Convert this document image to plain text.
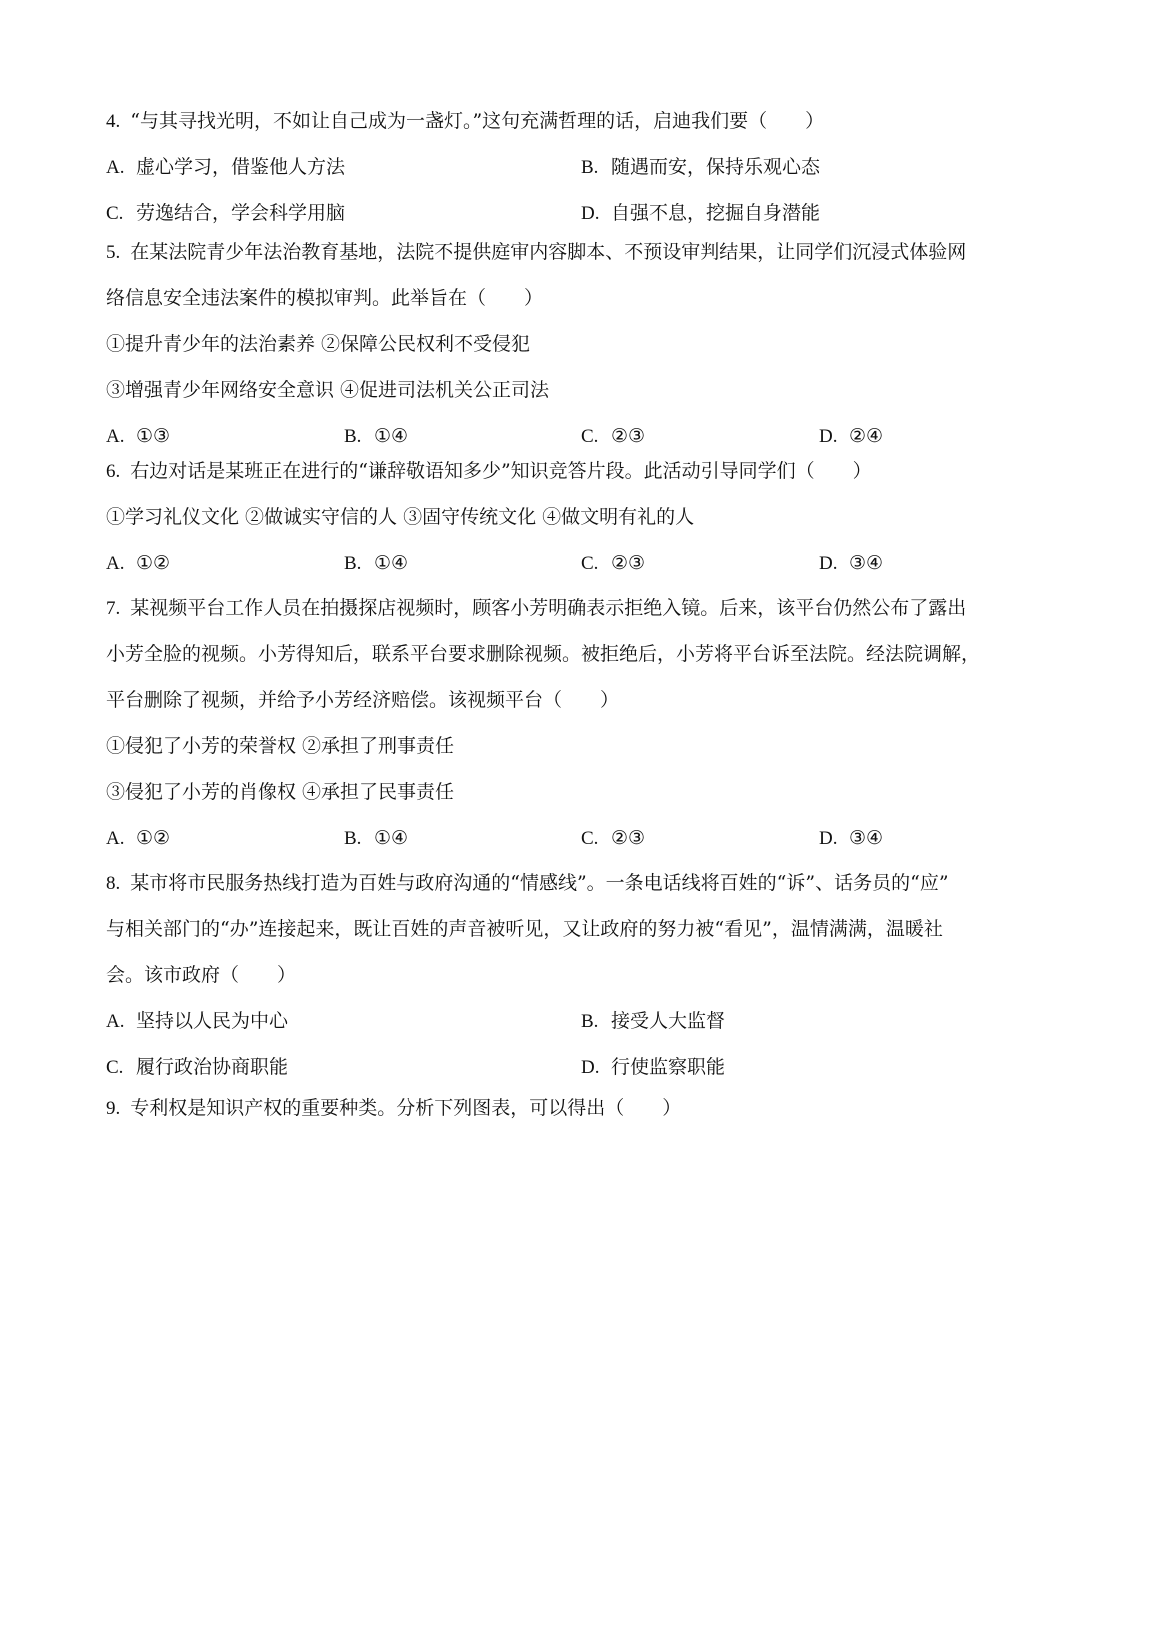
4. “与其寻找光明，不如让自己成为一盏灯。”这句充满哲理的话，启迪我们要（　　）
A. 虚心学习，借鉴他人方法	B. 随遇而安，保持乐观心态
C. 劳逸结合，学会科学用脑	D. 自强不息，挖掘自身潜能
5. 在某法院青少年法治教育基地，法院不提供庭审内容脚本、不预设审判结果，让同学们沉浸式体验网
络信息安全违法案件的模拟审判。此举旨在（　　）
①提升青少年的法治素养 ②保障公民权利不受侵犯
③增强青少年网络安全意识 ④促进司法机关公正司法
A. ①③	B. ①④	C. ②③	D. ②④
6. 右边对话是某班正在进行的“谦辞敬语知多少”知识竞答片段。此活动引导同学们（　　）
①学习礼仪文化 ②做诚实守信的人 ③固守传统文化 ④做文明有礼的人
A. ①②	B. ①④	C. ②③	D. ③④
7. 某视频平台工作人员在拍摄探店视频时，顾客小芳明确表示拒绝入镜。后来，该平台仍然公布了露出
小芳全脸的视频。小芳得知后，联系平台要求删除视频。被拒绝后，小芳将平台诉至法院。经法院调解，
平台删除了视频，并给予小芳经济赔偿。该视频平台（　　）
①侵犯了小芳的荣誉权 ②承担了刑事责任
③侵犯了小芳的肖像权 ④承担了民事责任
A. ①②	B. ①④	C. ②③	D. ③④
8. 某市将市民服务热线打造为百姓与政府沟通的“情感线”。一条电话线将百姓的“诉”、话务员的“应”
与相关部门的“办”连接起来，既让百姓的声音被听见，又让政府的努力被“看见”，温情满满，温暖社
会。该市政府（　　）
A. 坚持以人民为中心	B. 接受人大监督
C. 履行政治协商职能	D. 行使监察职能
9. 专利权是知识产权的重要种类。分析下列图表，可以得出（　　）
